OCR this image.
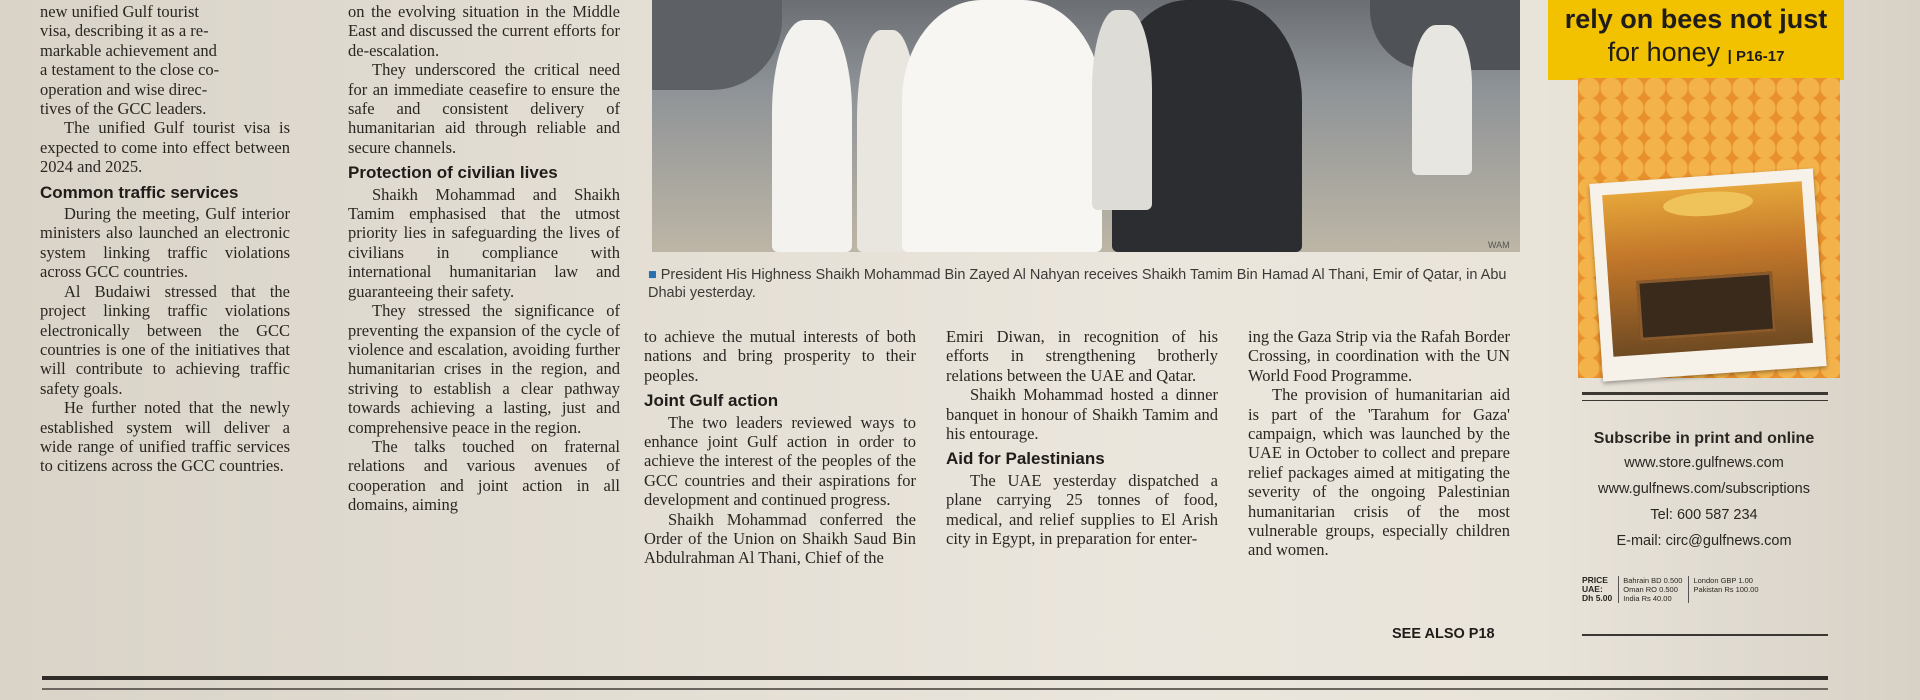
new unified Gulf tourist

visa, describing it as a re-

markable achievement and

a testament to the close co-

operation and wise direc-

tives of the GCC leaders.

The unified Gulf tourist visa is expected to come into effect between 2024 and 2025.

Common traffic services

During the meeting, Gulf interior ministers also launched an electronic system linking traffic violations across GCC countries.

Al Budaiwi stressed that the project linking traffic violations electronically between the GCC countries is one of the initiatives that will contribute to achieving traffic safety goals.

He further noted that the newly established system will deliver a wide range of unified traffic services to citizens across the GCC countries.

on the evolving situation in the Middle East and discussed the current efforts for de-escalation.

They underscored the critical need for an immediate ceasefire to ensure the safe and consistent delivery of humanitarian aid through reliable and secure channels.

Protection of civilian lives

Shaikh Mohammad and Shaikh Tamim emphasised that the utmost priority lies in safeguarding the lives of civilians in compliance with international humanitarian law and guaranteeing their safety.

They stressed the significance of preventing the expansion of the cycle of violence and escalation, avoiding further humanitarian crises in the region, and striving to establish a clear pathway towards achieving a lasting, just and comprehensive peace in the region.

The talks touched on fraternal relations and various avenues of cooperation and joint action in all domains, aiming

WAM
■ President His Highness Shaikh Mohammad Bin Zayed Al Nahyan receives Shaikh Tamim Bin Hamad Al Thani, Emir of Qatar, in Abu Dhabi yesterday.

to achieve the mutual interests of both nations and bring prosperity to their peoples.

Joint Gulf action

The two leaders reviewed ways to enhance joint Gulf action in order to achieve the interest of the peoples of the GCC countries and their aspirations for development and continued progress.

Shaikh Mohammad conferred the Order of the Union on Shaikh Saud Bin Abdulrahman Al Thani, Chief of the

Emiri Diwan, in recognition of his efforts in strengthening brotherly relations between the UAE and Qatar.

Shaikh Mohammad hosted a dinner banquet in honour of Shaikh Tamim and his entourage.

Aid for Palestinians

The UAE yesterday dispatched a plane carrying 25 tonnes of food, medical, and relief supplies to El Arish city in Egypt, in preparation for enter-

ing the Gaza Strip via the Rafah Border Crossing, in coordination with the UN World Food Programme.

The provision of humanitarian aid is part of the 'Tarahum for Gaza' campaign, which was launched by the UAE in October to collect and prepare relief packages aimed at mitigating the severity of the ongoing Palestinian humanitarian crisis of the most vulnerable groups, especially children and women.

SEE ALSO P18
rely on bees not just
for honey | P16-17
Subscribe in print and online
www.store.gulfnews.com
www.gulfnews.com/subscriptions
Tel: 600 587 234
E-mail: circ@gulfnews.com
PRICE
UAE:
Dh 5.00
Bahrain BD 0.500
Oman RO 0.500
India Rs 40.00
London GBP 1.00
Pakistan Rs 100.00
